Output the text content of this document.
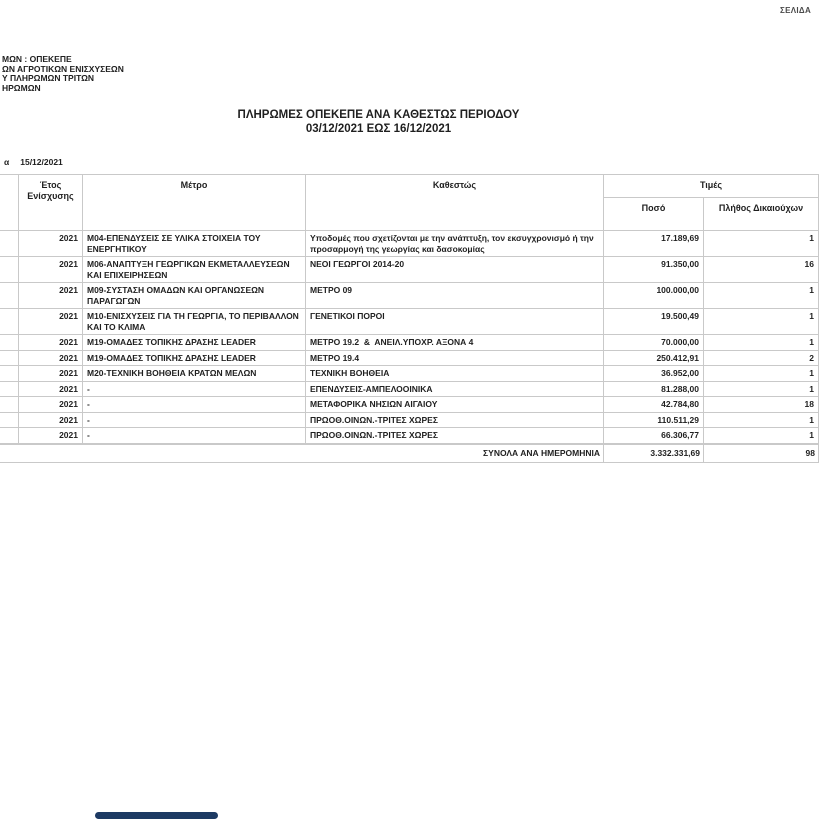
ΣΕΛΙΔΑ
ΜΩΝ : ΟΠΕΚΕΠΕ
ΩΝ ΑΓΡΟΤΙΚΩΝ ΕΝΙΣΧΥΣΕΩΝ
Υ ΠΛΗΡΩΜΩΝ ΤΡΙΤΩΝ
ΗΡΩΜΩΝ
ΠΛΗΡΩΜΕΣ ΟΠΕΚΕΠΕ ΑΝΑ ΚΑΘΕΣΤΩΣ ΠΕΡΙΟΔΟΥ
03/12/2021 ΕΩΣ 16/12/2021
α 15/12/2021
	Έτος Ενίσχυσης	Μέτρο	Καθεστώς	Τιμές	
				Ποσό	Πλήθος Δικαιούχων
	2021	M04-ΕΠΕΝΔΥΣΕΙΣ ΣΕ ΥΛΙΚΑ ΣΤΟΙΧΕΙΑ ΤΟΥ ΕΝΕΡΓΗΤΙΚΟΥ	Υποδομές που σχετίζονται με την ανάπτυξη, τον εκσυγχρονισμό ή την προσαρμογή της γεωργίας και δασοκομίας	17.189,69	1
	2021	M06-ΑΝΑΠΤΥΞΗ ΓΕΩΡΓΙΚΩΝ ΕΚΜΕΤΑΛΛΕΥΣΕΩΝ ΚΑΙ ΕΠΙΧΕΙΡΗΣΕΩΝ	ΝΕΟΙ ΓΕΩΡΓΟΙ 2014-20	91.350,00	16
	2021	M09-ΣΥΣΤΑΣΗ ΟΜΑΔΩΝ ΚΑΙ ΟΡΓΑΝΩΣΕΩΝ ΠΑΡΑΓΩΓΩΝ	ΜΕΤΡΟ 09	100.000,00	1
	2021	M10-ΕΝΙΣΧΥΣΕΙΣ ΓΙΑ ΤΗ ΓΕΩΡΓΙΑ, ΤΟ ΠΕΡΙΒΑΛΛΟΝ ΚΑΙ ΤΟ ΚΛΙΜΑ	ΓΕΝΕΤΙΚΟΙ ΠΟΡΟΙ	19.500,49	1
	2021	M19-ΟΜΑΔΕΣ ΤΟΠΙΚΗΣ ΔΡΑΣΗΣ LEADER	ΜΕΤΡΟ 19.2  &  ΑΝΕΙΛ.ΥΠΟΧΡ. ΑΞΟΝΑ 4	70.000,00	1
	2021	M19-ΟΜΑΔΕΣ ΤΟΠΙΚΗΣ ΔΡΑΣΗΣ LEADER	ΜΕΤΡΟ 19.4	250.412,91	2
	2021	M20-ΤΕΧΝΙΚΗ ΒΟΗΘΕΙΑ ΚΡΑΤΩΝ ΜΕΛΩΝ	ΤΕΧΝΙΚΗ ΒΟΗΘΕΙΑ	36.952,00	1
	2021	-	ΕΠΕΝΔΥΣΕΙΣ-ΑΜΠΕΛΟΟΙΝΙΚΑ	81.288,00	1
	2021	-	ΜΕΤΑΦΟΡΙΚΑ ΝΗΣΙΩΝ ΑΙΓΑΙΟΥ	42.784,80	18
	2021	-	ΠΡΩΟΘ.ΟΙΝΩΝ.-ΤΡΙΤΕΣ ΧΩΡΕΣ	110.511,29	1
	2021	-	ΠΡΩΟΘ.ΟΙΝΩΝ.-ΤΡΙΤΕΣ ΧΩΡΕΣ	66.306,77	1
ΣΥΝΟΛΑ ΑΝΑ ΗΜΕΡΟΜΗΝΙΑ	3.332.331,69	98
